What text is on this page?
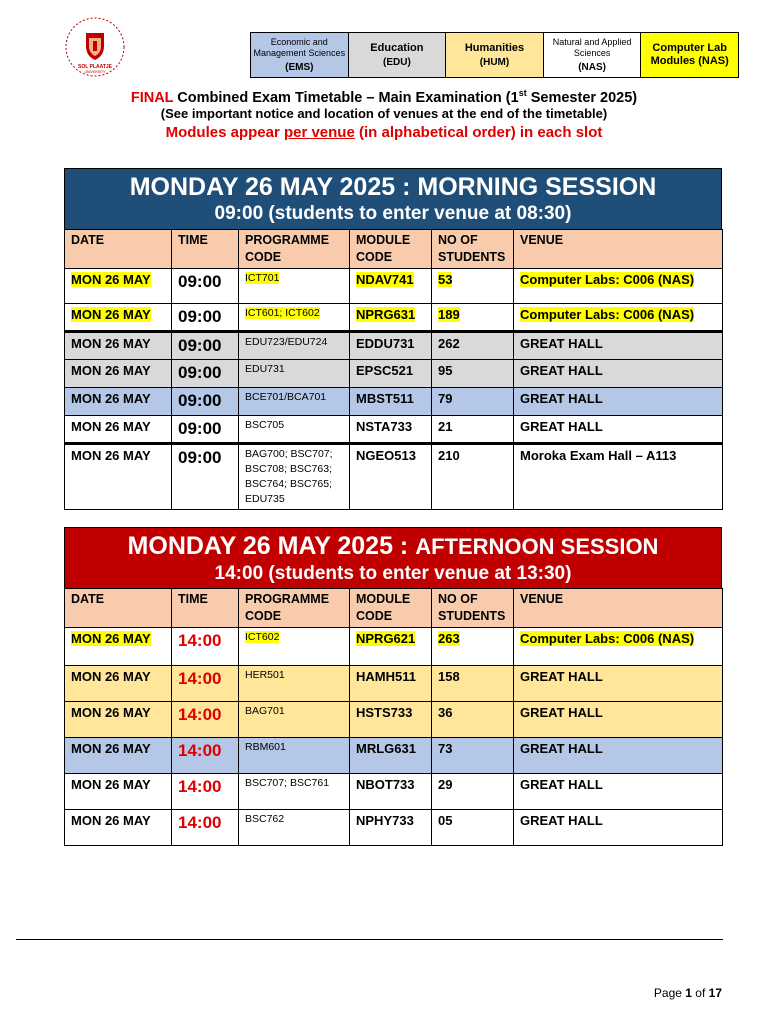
SOL PLAATJE
UNIVERSITY
Economic and Management Sciences
(EMS)
	Education
(EDU)
	Humanities
(HUM)
	Natural and Applied Sciences
(NAS)
	Computer Lab Modules (NAS)
FINAL Combined Exam Timetable – Main Examination (1st Semester 2025)
(See important notice and location of venues at the end of the timetable)
Modules appear per venue (in alphabetical order) in each slot
MONDAY 26 MAY 2025 : MORNING SESSION
09:00 (students to enter venue at 08:30)
DATE	TIME	PROGRAMME CODE	MODULE CODE	NO OF STUDENTS	VENUE
MON 26 MAY	09:00	ICT701	NDAV741	53	Computer Labs: C006 (NAS)
MON 26 MAY	09:00	ICT601; ICT602	NPRG631	189	Computer Labs: C006 (NAS)
MON 26 MAY	09:00	EDU723/EDU724	EDDU731	262	GREAT HALL
MON 26 MAY	09:00	EDU731	EPSC521	95	GREAT HALL
MON 26 MAY	09:00	BCE701/BCA701	MBST511	79	GREAT HALL
MON 26 MAY	09:00	BSC705	NSTA733	21	GREAT HALL
MON 26 MAY	09:00	BAG700; BSC707; BSC708; BSC763; BSC764; BSC765; EDU735	NGEO513	210	Moroka Exam Hall – A113
MONDAY 26 MAY 2025 : AFTERNOON SESSION
14:00 (students to enter venue at 13:30)
DATE	TIME	PROGRAMME CODE	MODULE CODE	NO OF STUDENTS	VENUE
MON 26 MAY	14:00	ICT602	NPRG621	263	Computer Labs: C006 (NAS)
MON 26 MAY	14:00	HER501	HAMH511	158	GREAT HALL
MON 26 MAY	14:00	BAG701	HSTS733	36	GREAT HALL
MON 26 MAY	14:00	RBM601	MRLG631	73	GREAT HALL
MON 26 MAY	14:00	BSC707; BSC761	NBOT733	29	GREAT HALL
MON 26 MAY	14:00	BSC762	NPHY733	05	GREAT HALL
Page 1 of 17
